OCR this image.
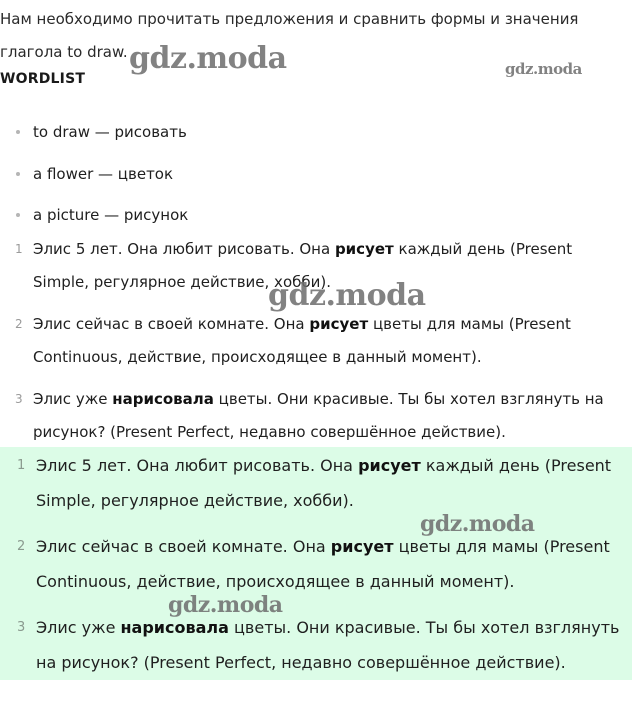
Нам необходимо прочитать предложения и сравнить формы и значения глагола to draw.
WORDLIST
to draw — рисовать
a flower — цветок
a picture — рисунок
1 Элис 5 лет. Она любит рисовать. Она рисует каждый день (Present Simple, регулярное действие, хобби).
2 Элис сейчас в своей комнате. Она рисует цветы для мамы (Present Continuous, действие, происходящее в данный момент).
3 Элис уже нарисовала цветы. Они красивые. Ты бы хотел взглянуть на рисунок? (Present Perfect, недавно совершённое действие).
1 Элис 5 лет. Она любит рисовать. Она рисует каждый день (Present Simple, регулярное действие, хобби).
2 Элис сейчас в своей комнате. Она рисует цветы для мамы (Present Continuous, действие, происходящее в данный момент).
3 Элис уже нарисовала цветы. Они красивые. Ты бы хотел взглянуть на рисунок? (Present Perfect, недавно совершённое действие).
gdz.moda	gdz.moda
gdz.moda
gdz.moda
gdz.moda
